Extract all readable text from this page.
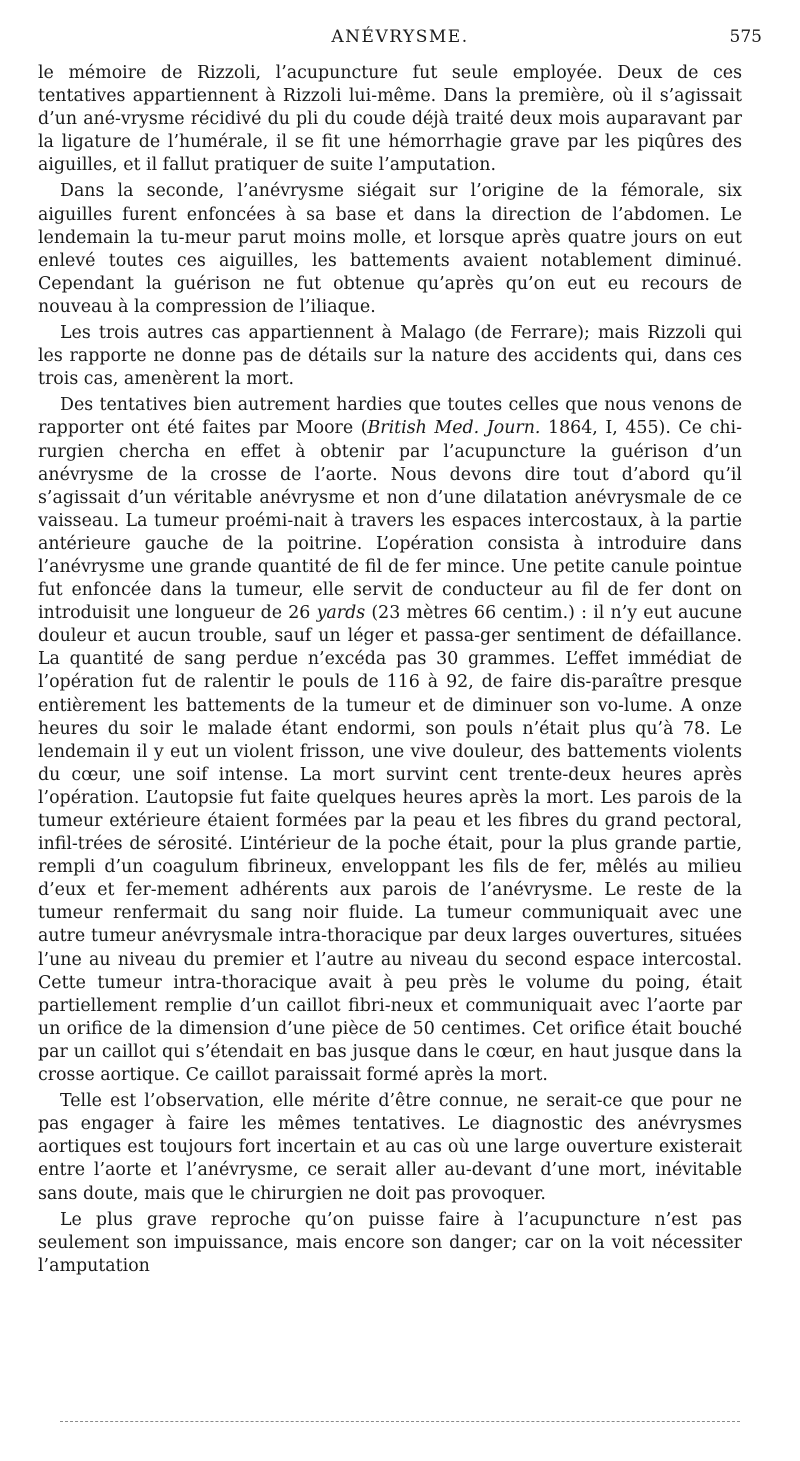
ANÉVRYSME.	575

le mémoire de Rizzoli, l’acupuncture fut seule employée. Deux de ces tentatives appartiennent à Rizzoli lui-même. Dans la première, où il s’agissait d’un ané-vrysme récidivé du pli du coude déjà traité deux mois auparavant par la ligature de l’humérale, il se fit une hémorrhagie grave par les piqûres des aiguilles, et il fallut pratiquer de suite l’amputation.

Dans la seconde, l’anévrysme siégait sur l’origine de la fémorale, six aiguilles furent enfoncées à sa base et dans la direction de l’abdomen. Le lendemain la tu-meur parut moins molle, et lorsque après quatre jours on eut enlevé toutes ces aiguilles, les battements avaient notablement diminué. Cependant la guérison ne fut obtenue qu’après qu’on eut eu recours de nouveau à la compression de l’iliaque.

Les trois autres cas appartiennent à Malago (de Ferrare); mais Rizzoli qui les rapporte ne donne pas de détails sur la nature des accidents qui, dans ces trois cas, amenèrent la mort.

Des tentatives bien autrement hardies que toutes celles que nous venons de rapporter ont été faites par Moore (British Med. Journ. 1864, I, 455). Ce chi-rurgien chercha en effet à obtenir par l’acupuncture la guérison d’un anévrysme de la crosse de l’aorte. Nous devons dire tout d’abord qu’il s’agissait d’un véritable anévrysme et non d’une dilatation anévrysmale de ce vaisseau. La tumeur proémi-nait à travers les espaces intercostaux, à la partie antérieure gauche de la poitrine. L’opération consista à introduire dans l’anévrysme une grande quantité de fil de fer mince. Une petite canule pointue fut enfoncée dans la tumeur, elle servit de conducteur au fil de fer dont on introduisit une longueur de 26 yards (23 mètres 66 centim.) : il n’y eut aucune douleur et aucun trouble, sauf un léger et passa-ger sentiment de défaillance. La quantité de sang perdue n’excéda pas 30 grammes. L’effet immédiat de l’opération fut de ralentir le pouls de 116 à 92, de faire dis-paraître presque entièrement les battements de la tumeur et de diminuer son vo-lume. A onze heures du soir le malade étant endormi, son pouls n’était plus qu’à 78. Le lendemain il y eut un violent frisson, une vive douleur, des battements violents du cœur, une soif intense. La mort survint cent trente-deux heures après l’opération. L’autopsie fut faite quelques heures après la mort. Les parois de la tumeur extérieure étaient formées par la peau et les fibres du grand pectoral, infil-trées de sérosité. L’intérieur de la poche était, pour la plus grande partie, rempli d’un coagulum fibrineux, enveloppant les fils de fer, mêlés au milieu d’eux et fer-mement adhérents aux parois de l’anévrysme. Le reste de la tumeur renfermait du sang noir fluide. La tumeur communiquait avec une autre tumeur anévrysmale intra-thoracique par deux larges ouvertures, situées l’une au niveau du premier et l’autre au niveau du second espace intercostal. Cette tumeur intra-thoracique avait à peu près le volume du poing, était partiellement remplie d’un caillot fibri-neux et communiquait avec l’aorte par un orifice de la dimension d’une pièce de 50 centimes. Cet orifice était bouché par un caillot qui s’étendait en bas jusque dans le cœur, en haut jusque dans la crosse aortique. Ce caillot paraissait formé après la mort.

Telle est l’observation, elle mérite d’être connue, ne serait-ce que pour ne pas engager à faire les mêmes tentatives. Le diagnostic des anévrysmes aortiques est toujours fort incertain et au cas où une large ouverture existerait entre l’aorte et l’anévrysme, ce serait aller au-devant d’une mort, inévitable sans doute, mais que le chirurgien ne doit pas provoquer.

Le plus grave reproche qu’on puisse faire à l’acupuncture n’est pas seulement son impuissance, mais encore son danger; car on la voit nécessiter l’amputation
